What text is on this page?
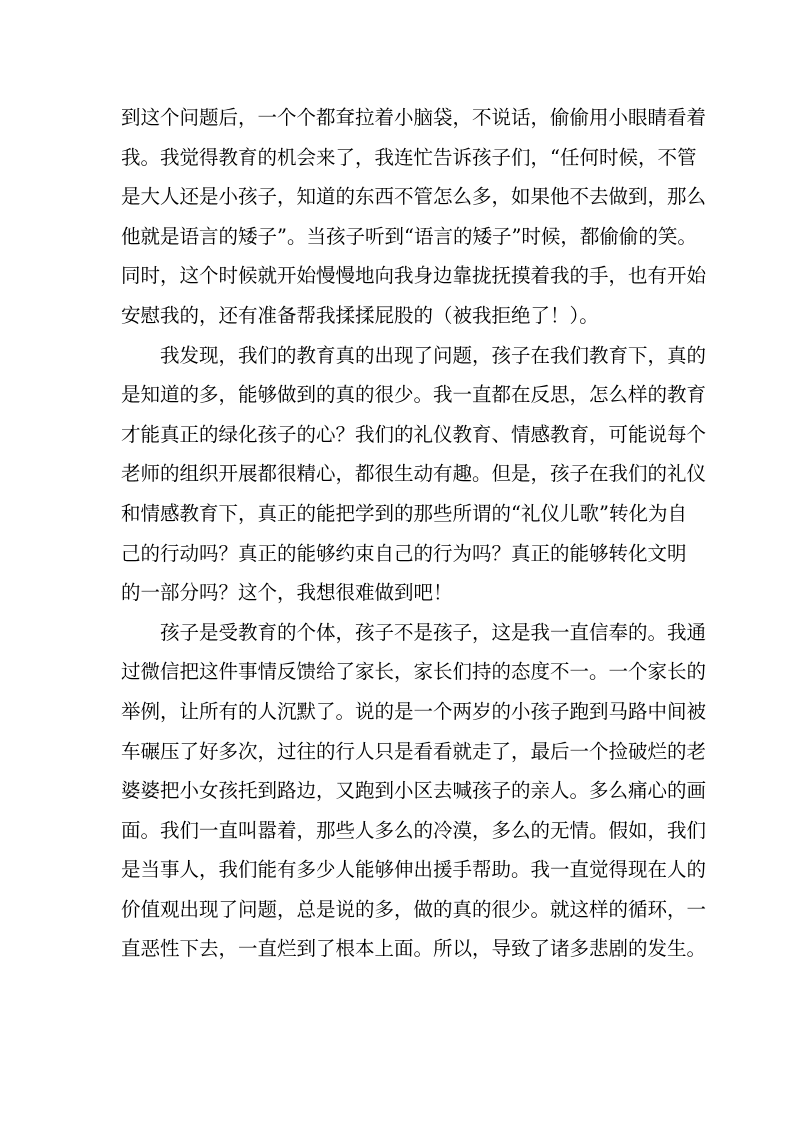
到这个问题后，一个个都耷拉着小脑袋，不说话，偷偷用小眼睛看着
我。我觉得教育的机会来了，我连忙告诉孩子们，“任何时候，不管
是大人还是小孩子，知道的东西不管怎么多，如果他不去做到，那么
他就是语言的矮子”。当孩子听到“语言的矮子”时候，都偷偷的笑。
同时，这个时候就开始慢慢地向我身边靠拢抚摸着我的手，也有开始
安慰我的，还有准备帮我揉揉屁股的（被我拒绝了！）。
我发现，我们的教育真的出现了问题，孩子在我们教育下，真的
是知道的多，能够做到的真的很少。我一直都在反思，怎么样的教育
才能真正的绿化孩子的心？我们的礼仪教育、情感教育，可能说每个
老师的组织开展都很精心，都很生动有趣。但是，孩子在我们的礼仪
和情感教育下，真正的能把学到的那些所谓的“礼仪儿歌”转化为自
己的行动吗？真正的能够约束自己的行为吗？真正的能够转化文明
的一部分吗？这个，我想很难做到吧！
孩子是受教育的个体，孩子不是孩子，这是我一直信奉的。我通
过微信把这件事情反馈给了家长，家长们持的态度不一。一个家长的
举例，让所有的人沉默了。说的是一个两岁的小孩子跑到马路中间被
车碾压了好多次，过往的行人只是看看就走了，最后一个捡破烂的老
婆婆把小女孩托到路边，又跑到小区去喊孩子的亲人。多么痛心的画
面。我们一直叫嚣着，那些人多么的冷漠，多么的无情。假如，我们
是当事人，我们能有多少人能够伸出援手帮助。我一直觉得现在人的
价值观出现了问题，总是说的多，做的真的很少。就这样的循环，一
直恶性下去，一直烂到了根本上面。所以，导致了诸多悲剧的发生。
